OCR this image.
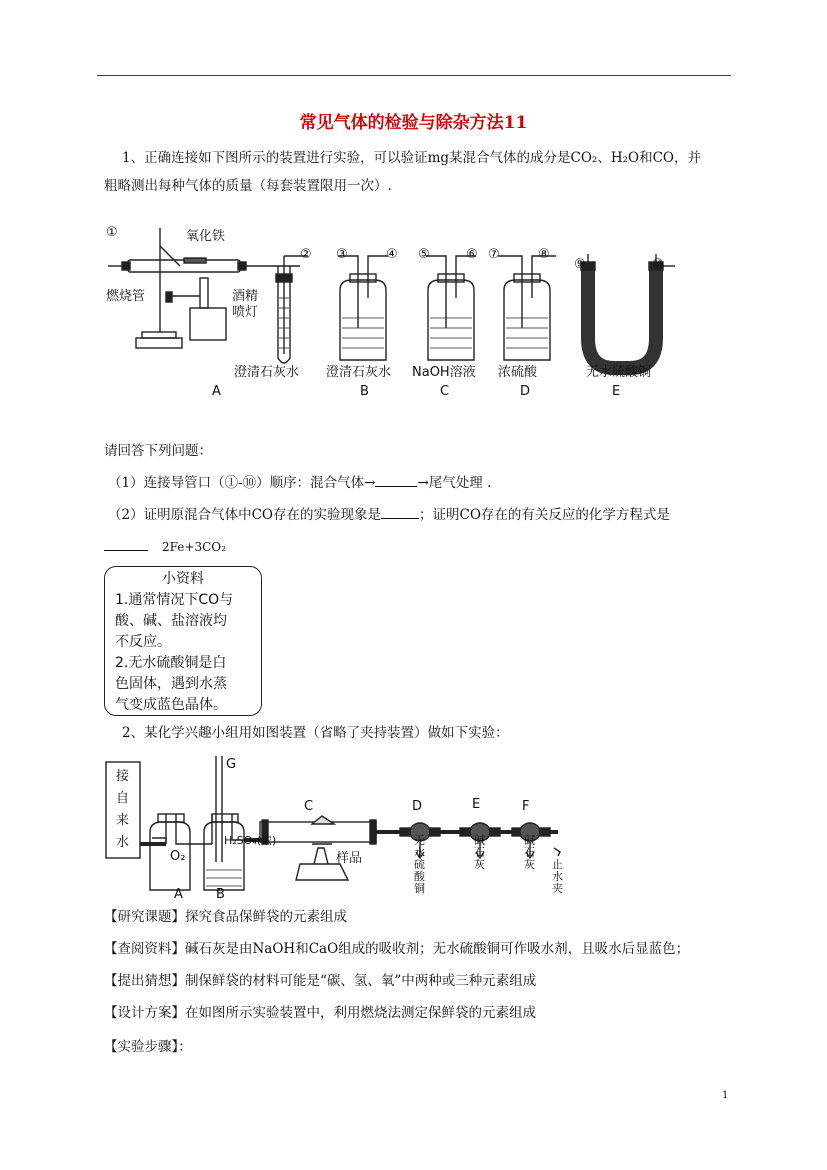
常见气体的检验与除杂方法11
1、正确连接如下图所示的装置进行实验，可以验证mg某混合气体的成分是CO₂、H₂O和CO，并
粗略测出每种气体的质量（每套装置限用一次）.
①
② ③	④ ⑤	⑥ ⑦	⑧
⑨	⑩
氧化铁
燃烧管	酒精
喷灯
澄清石灰水 澄清石灰水 NaOH溶液 浓硫酸	无水硫酸铜
A	B	C	D	E
请回答下列问题：
（1）连接导管口（①-⑩）顺序：混合气体→	→尾气处理 .
（2）证明原混合气体中CO存在的实验现象是	；证明CO存在的有关反应的化学方程式是
2Fe+3CO₂
小资料
1.通常情况下CO与
酸、碱、盐溶液均
不反应。
2.无水硫酸铜是白
色固体，遇到水蒸
气变成蓝色晶体。
2、某化学兴趣小组用如图装置（省略了夹持装置）做如下实验：
接
自
来
水
G
C	D	E	F
O₂
H₂SO₄(浓)
样品
A	B
无
水
硫
酸
铜
碱
石
灰
碱
石
灰 止
水
夹
【研究课题】探究食品保鲜袋的元素组成
【查阅资料】碱石灰是由NaOH和CaO组成的吸收剂；无水硫酸铜可作吸水剂，且吸水后显蓝色；
【提出猜想】制保鲜袋的材料可能是“碳、氢、氧”中两种或三种元素组成
【设计方案】在如图所示实验装置中，利用燃烧法测定保鲜袋的元素组成
【实验步骤】：
1
